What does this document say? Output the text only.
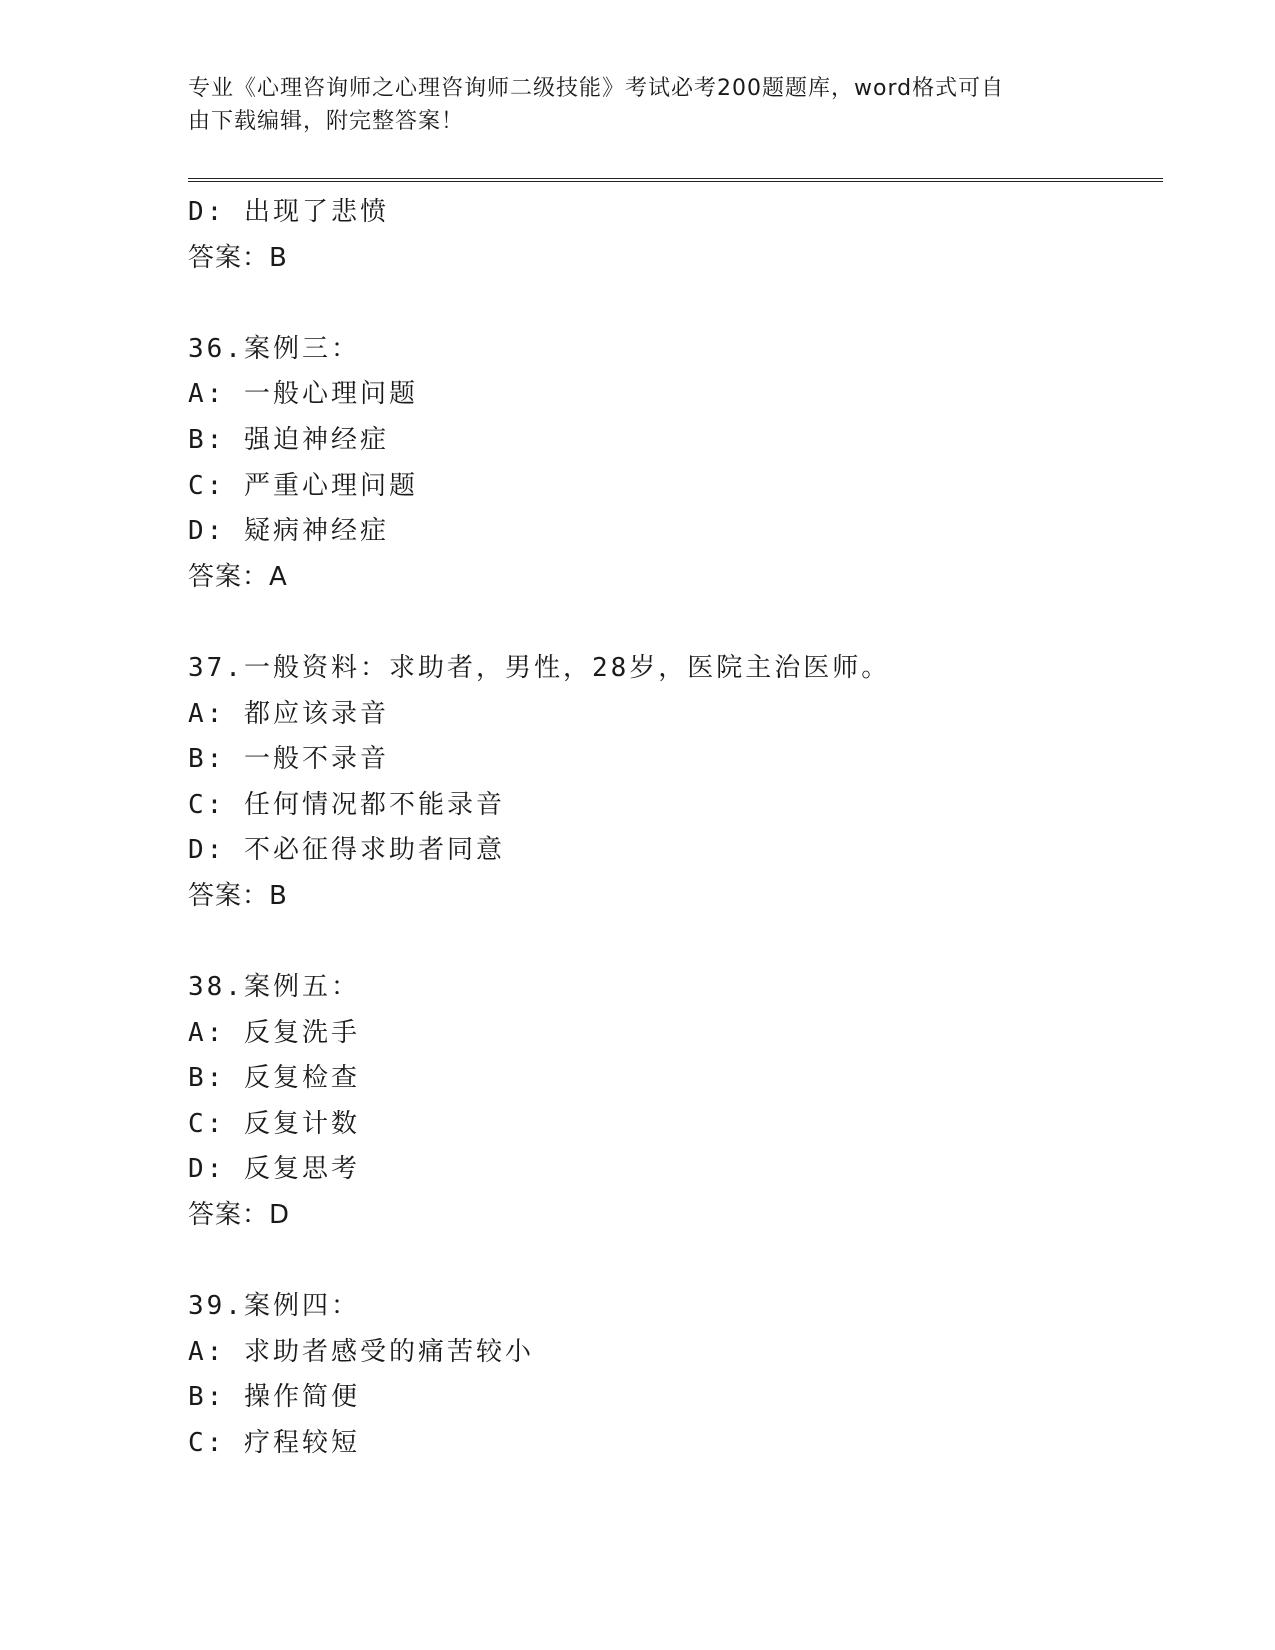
专业《心理咨询师之心理咨询师二级技能》考试必考200题题库，word格式可自
由下载编辑，附完整答案！
D: 出现了悲愤
答案：B
36.案例三：
A: 一般心理问题
B: 强迫神经症
C: 严重心理问题
D: 疑病神经症
答案：A
37.一般资料：求助者，男性，28岁，医院主治医师。
A: 都应该录音
B: 一般不录音
C: 任何情况都不能录音
D: 不必征得求助者同意
答案：B
38.案例五：
A: 反复洗手
B: 反复检查
C: 反复计数
D: 反复思考
答案：D
39.案例四：
A: 求助者感受的痛苦较小
B: 操作简便
C: 疗程较短
